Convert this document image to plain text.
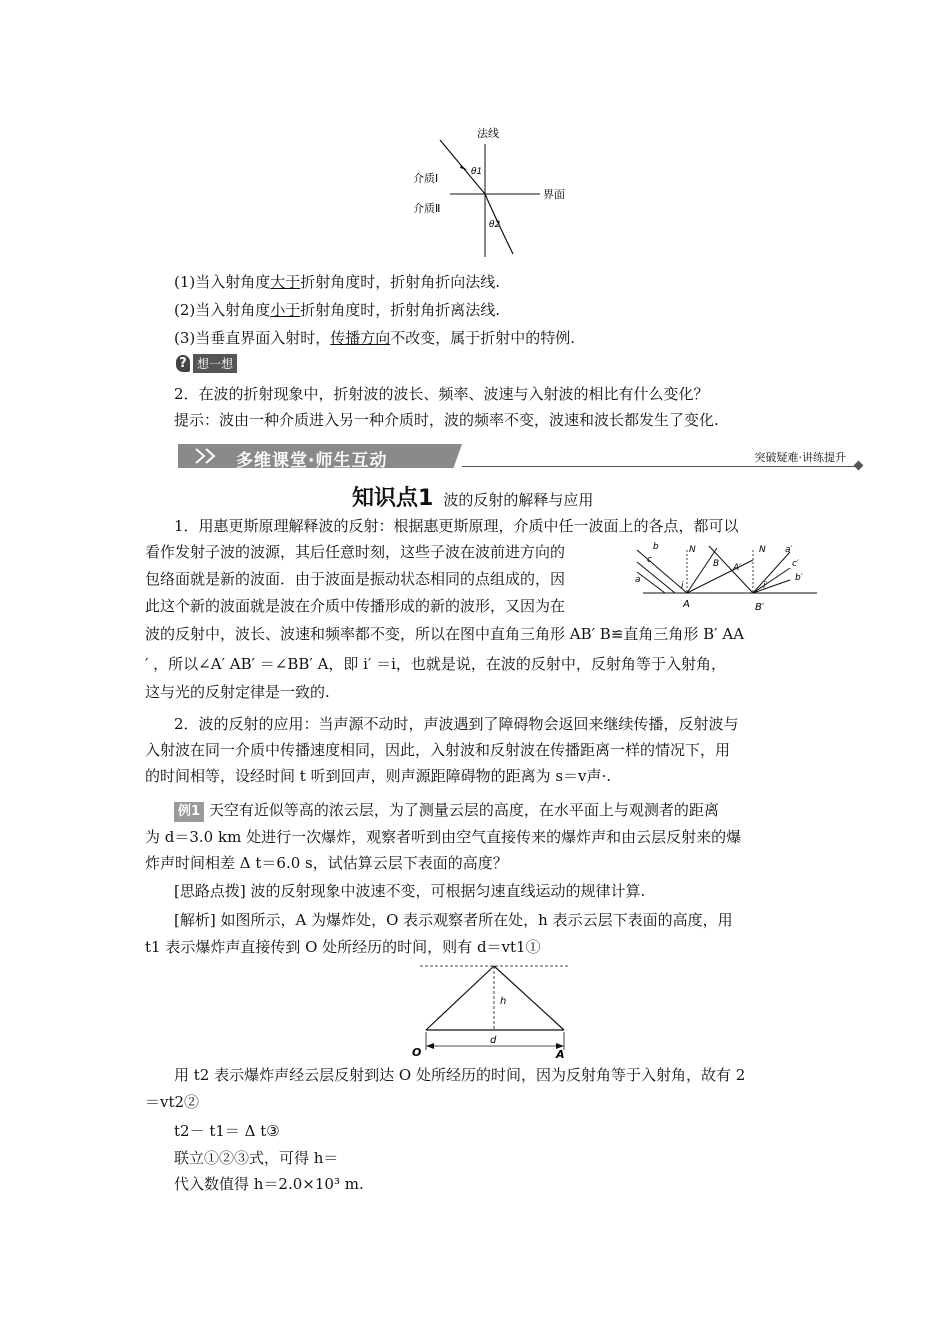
法线
θ1
介质Ⅰ
界面
介质Ⅱ
θ2
(1)当入射角度大于折射角度时，折射角折向法线.
(2)当入射角度小于折射角度时，折射角折离法线.
(3)当垂直界面入射时，传播方向不改变，属于折射中的特例.
? 想一想
2．在波的折射现象中，折射波的波长、频率、波速与入射波的相比有什么变化？
提示：波由一种介质进入另一种介质时，波的频率不变，波速和波长都发生了变化.
多维课堂·师生互动	突破疑难·讲练提升
知识点1 波的反射的解释与应用
1．用惠更斯原理解释波的反射：根据惠更斯原理，介质中任一波面上的各点，都可以
看作发射子波的波源，其后任意时刻，这些子波在波前进方向的
包络面就是新的波面．由于波面是振动状态相同的点组成的，因
此这个新的波面就是波在介质中传播形成的新的波形，又因为在
波的反射中，波长、波速和频率都不变，所以在图中直角三角形 AB′ B≌直角三角形 B′ AA
′ ，所以∠A′ AB′ ＝∠BB′ A，即 i′ ＝i，也就是说，在波的反射中，反射角等于入射角，
这与光的反射定律是一致的.
b
c
a
N
B A′
N a′
c′
b′
i	i′
A	B′
2．波的反射的应用：当声源不动时，声波遇到了障碍物会返回来继续传播，反射波与
入射波在同一介质中传播速度相同，因此，入射波和反射波在传播距离一样的情况下，用
的时间相等，设经时间 t 听到回声，则声源距障碍物的距离为 s＝v声·.
例1 天空有近似等高的浓云层，为了测量云层的高度，在水平面上与观测者的距离
为 d＝3.0 km 处进行一次爆炸，观察者听到由空气直接传来的爆炸声和由云层反射来的爆
炸声时间相差 Δ t＝6.0 s，试估算云层下表面的高度？
[思路点拨] 波的反射现象中波速不变，可根据匀速直线运动的规律计算.
[解析] 如图所示，A 为爆炸处，O 表示观察者所在处，h 表示云层下表面的高度，用
t1 表示爆炸声直接传到 O 处所经历的时间，则有 d＝vt1①
h
d
O	A
用 t2 表示爆炸声经云层反射到达 O 处所经历的时间，因为反射角等于入射角，故有 2
＝vt2②
t2－ t1＝ Δ t③
联立①②③式，可得 h＝
代入数值得 h＝2.0×10³ m.
